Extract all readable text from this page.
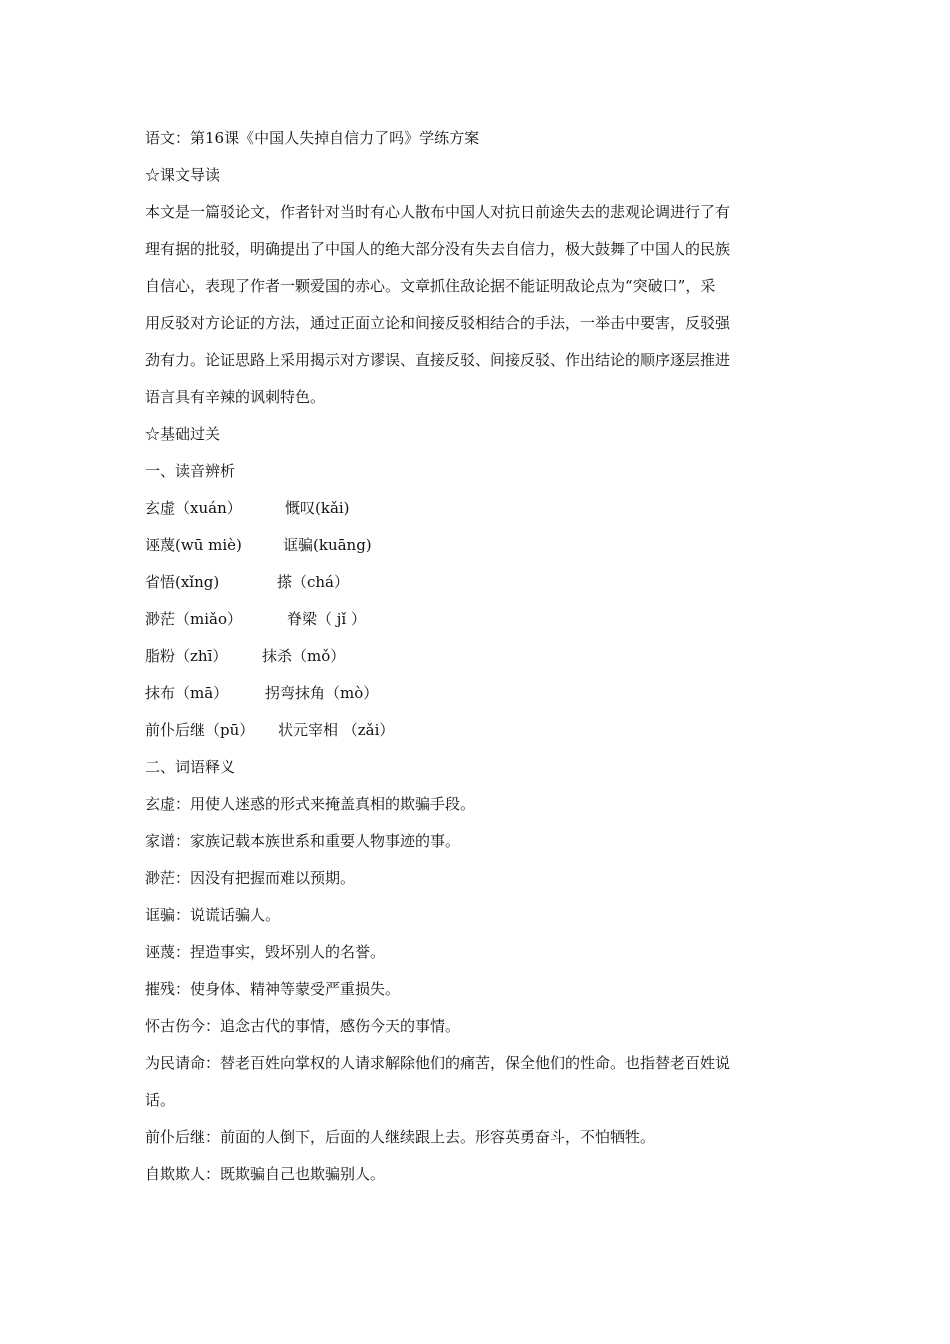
语文：第16课《中国人失掉自信力了吗》学练方案
☆课文导读
本文是一篇驳论文，作者针对当时有心人散布中国人对抗日前途失去的悲观论调进行了有
理有据的批驳，明确提出了中国人的绝大部分没有失去自信力，极大鼓舞了中国人的民族
自信心，表现了作者一颗爱国的赤心。文章抓住敌论据不能证明敌论点为“突破口”，采
用反驳对方论证的方法，通过正面立论和间接反驳相结合的手法，一举击中要害，反驳强
劲有力。论证思路上采用揭示对方谬误、直接反驳、间接反驳、作出结论的顺序逐层推进
语言具有辛辣的讽刺特色。
☆基础过关
一、读音辨析
玄虚（xuán）	慨叹(kǎi)
诬蔑(wū miè)	诓骗(kuāng)
省悟(xǐng)	搽（chá）
渺茫（miǎo）	脊梁（ jǐ ）
脂粉（zhī）	抹杀（mǒ）
抹布（mā）	拐弯抹角（mò）
前仆后继（pū）	状元宰相 （zǎi）
二、词语释义
玄虚：用使人迷惑的形式来掩盖真相的欺骗手段。
家谱：家族记载本族世系和重要人物事迹的事。
渺茫：因没有把握而难以预期。
诓骗：说谎话骗人。
诬蔑：捏造事实，毁坏别人的名誉。
摧残：使身体、精神等蒙受严重损失。
怀古伤今：追念古代的事情，感伤今天的事情。
为民请命：替老百姓向掌权的人请求解除他们的痛苦，保全他们的性命。也指替老百姓说
话。
前仆后继：前面的人倒下，后面的人继续跟上去。形容英勇奋斗，不怕牺牲。
自欺欺人：既欺骗自己也欺骗别人。
